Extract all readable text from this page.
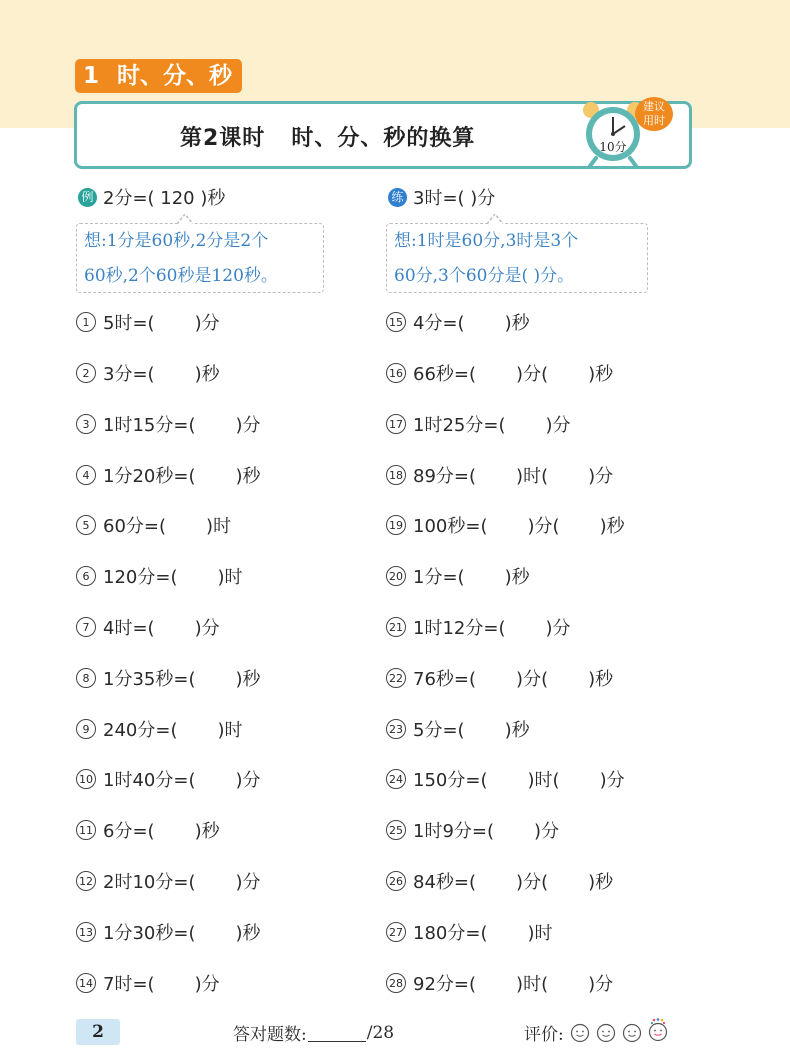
1 时、分、秒
第2课时 时、分、秒的换算	10分
建议
用时
例 2分=( 120 )秒
想:1分是60秒,2分是2个
60秒,2个60秒是120秒。
练 3时=( )分
想:1时是60分,3时是3个
60分,3个60分是( )分。
1 5时=(       )分
2 3分=(       )秒
3 1时15分=(       )分
4 1分20秒=(       )秒
5 60分=(       )时
6 120分=(       )时
7 4时=(       )分
8 1分35秒=(       )秒
9 240分=(       )时
10 1时40分=(       )分
11 6分=(       )秒
12 2时10分=(       )分
13 1分30秒=(       )秒
14 7时=(       )分
15 4分=(       )秒
16 66秒=(       )分(       )秒
17 1时25分=(       )分
18 89分=(       )时(       )分
19 100秒=(       )分(       )秒
20 1分=(       )秒
21 1时12分=(       )分
22 76秒=(       )分(       )秒
23 5分=(       )秒
24 150分=(       )时(       )分
25 1时9分=(       )分
26 84秒=(       )分(       )秒
27 180分=(       )时
28 92分=(       )时(       )分
2	答对题数:	/28	评价:
